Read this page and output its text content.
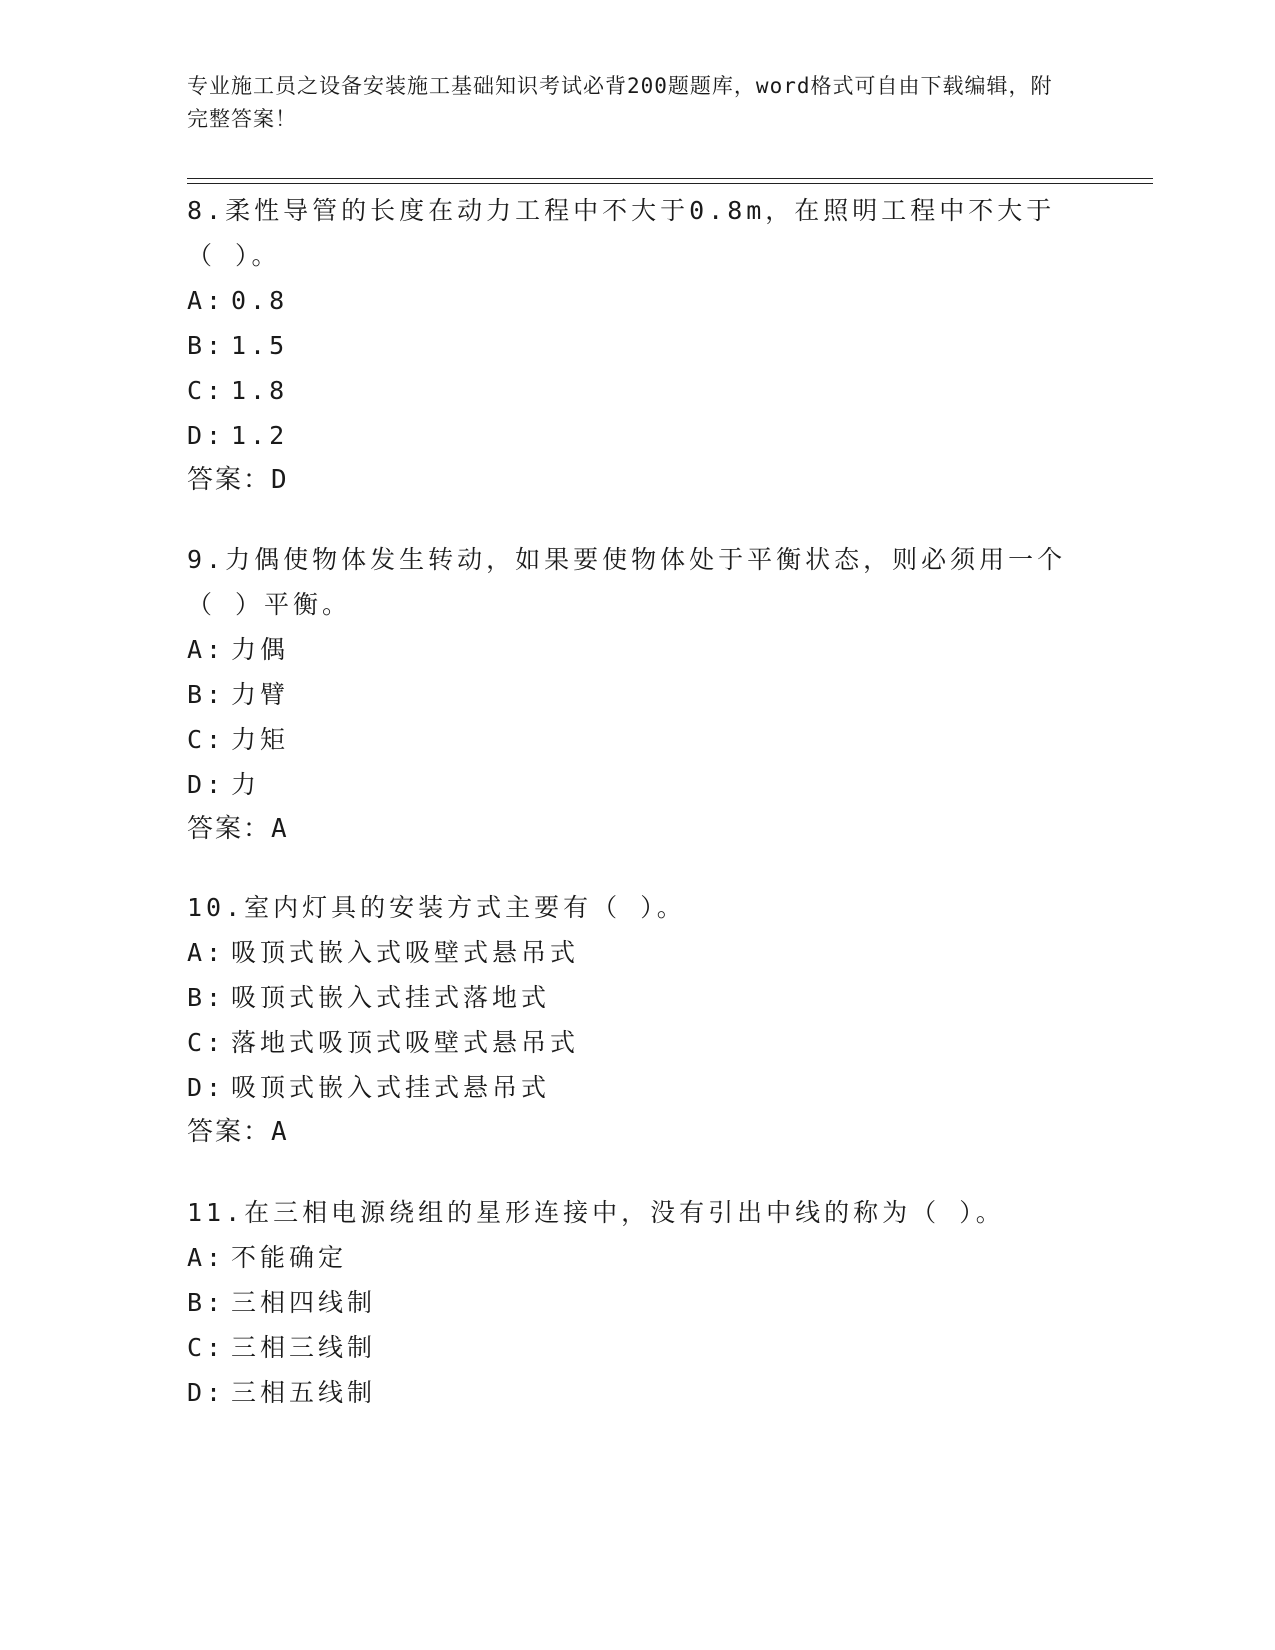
专业施工员之设备安装施工基础知识考试必背200题题库，word格式可自由下载编辑，附完整答案！

8.柔性导管的长度在动力工程中不大于0.8m，在照明工程中不大于（ ）。

A: 0.8
B: 1.5
C: 1.8
D: 1.2
答案：D

9.力偶使物体发生转动，如果要使物体处于平衡状态，则必须用一个（ ）平衡。

A: 力偶
B: 力臂
C: 力矩
D: 力
答案：A

10.室内灯具的安装方式主要有（ ）。

A: 吸顶式嵌入式吸壁式悬吊式
B: 吸顶式嵌入式挂式落地式
C: 落地式吸顶式吸壁式悬吊式
D: 吸顶式嵌入式挂式悬吊式
答案：A

11.在三相电源绕组的星形连接中，没有引出中线的称为（ ）。

A: 不能确定
B: 三相四线制
C: 三相三线制
D: 三相五线制
